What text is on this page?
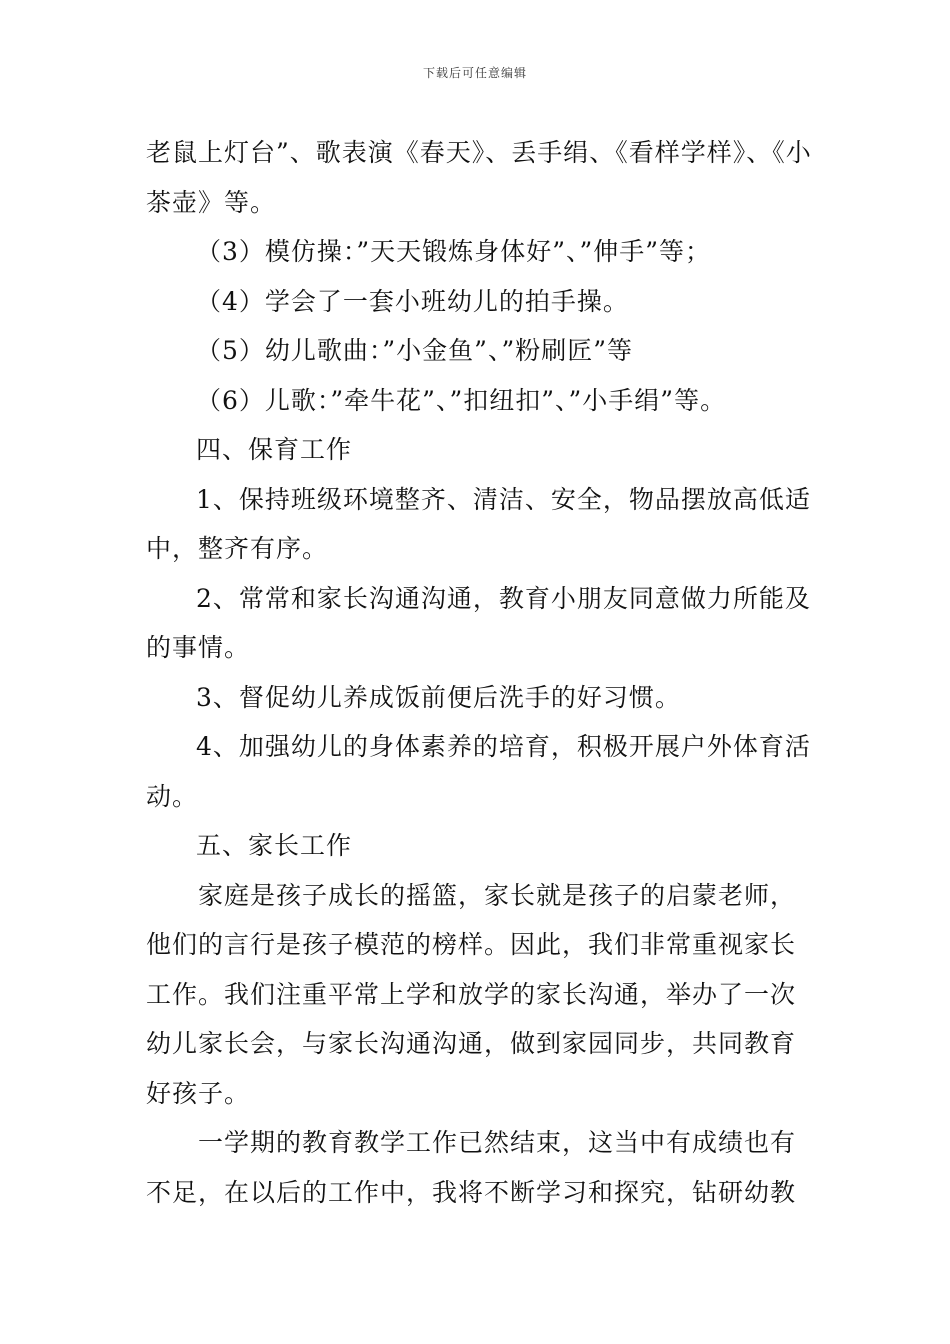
下载后可任意编辑

老鼠上灯台”、歌表演《春天》、丢手绢、《看样学样》、《小茶壶》等。

（3）模仿操：”天天锻炼身体好”、”伸手”等；

（4）学会了一套小班幼儿的拍手操。

（5）幼儿歌曲：”小金鱼”、”粉刷匠”等

（6）儿歌：”牵牛花”、”扣纽扣”、”小手绢”等。

四、保育工作

1、保持班级环境整齐、清洁、安全，物品摆放高低适中，整齐有序。

2、常常和家长沟通沟通，教育小朋友同意做力所能及的事情。

3、督促幼儿养成饭前便后洗手的好习惯。

4、加强幼儿的身体素养的培育，积极开展户外体育活动。

五、家长工作

家庭是孩子成长的摇篮，家长就是孩子的启蒙老师，他们的言行是孩子模范的榜样。因此，我们非常重视家长工作。我们注重平常上学和放学的家长沟通，举办了一次幼儿家长会，与家长沟通沟通，做到家园同步，共同教育好孩子。

一学期的教育教学工作已然结束，这当中有成绩也有不足，在以后的工作中，我将不断学习和探究，钻研幼教
